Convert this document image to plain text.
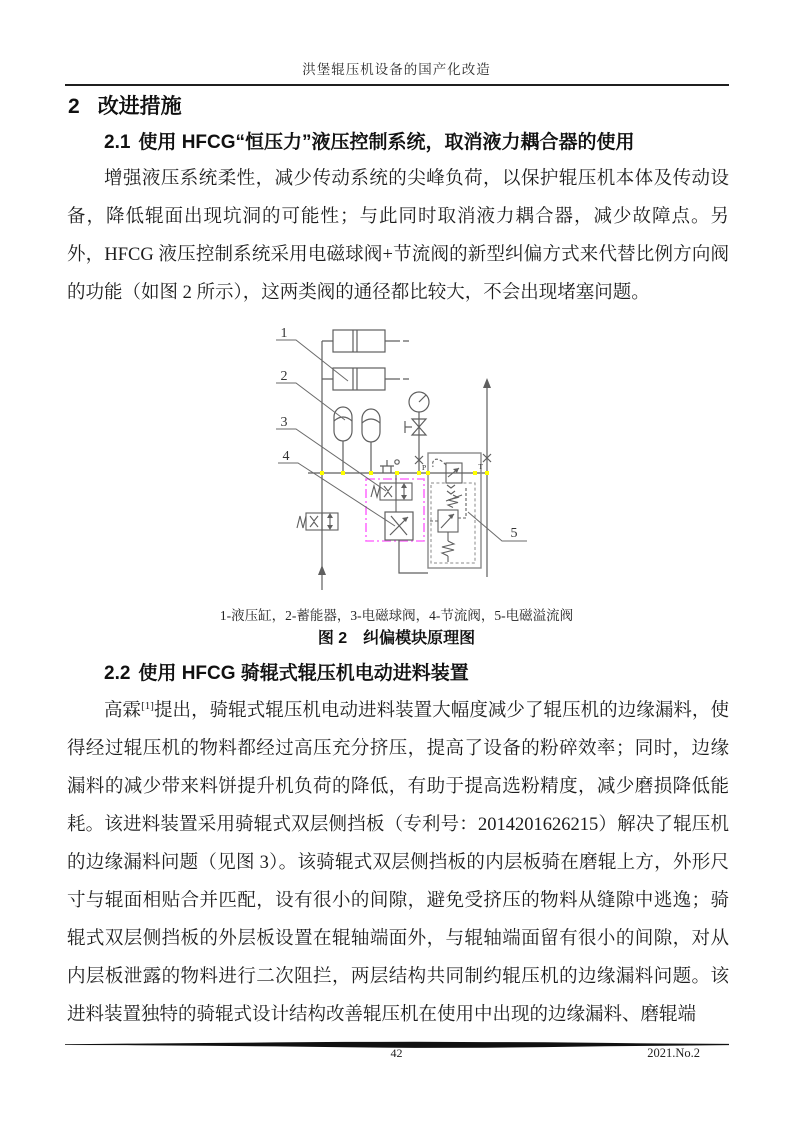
洪堡辊压机设备的国产化改造
2 改进措施
2.1 使用 HFCG“恒压力”液压控制系统，取消液力耦合器的使用
增强液压系统柔性，减少传动系统的尖峰负荷，以保护辊压机本体及传动设备，降低辊面出现坑洞的可能性；与此同时取消液力耦合器，减少故障点。另外，HFCG 液压控制系统采用电磁球阀+节流阀的新型纠偏方式来代替比例方向阀的功能（如图 2 所示），这两类阀的通径都比较大，不会出现堵塞问题。
1
2
3
4
5
P	T
1-液压缸，2-蓄能器，3-电磁球阀，4-节流阀，5-电磁溢流阀
图 2　纠偏模块原理图
2.2 使用 HFCG 骑辊式辊压机电动进料装置
高霖[1]提出，骑辊式辊压机电动进料装置大幅度减少了辊压机的边缘漏料，使得经过辊压机的物料都经过高压充分挤压，提高了设备的粉碎效率；同时，边缘漏料的减少带来料饼提升机负荷的降低，有助于提高选粉精度，减少磨损降低能耗。该进料装置采用骑辊式双层侧挡板（专利号：2014201626215）解决了辊压机的边缘漏料问题（见图 3）。该骑辊式双层侧挡板的内层板骑在磨辊上方，外形尺寸与辊面相贴合并匹配，设有很小的间隙，避免受挤压的物料从缝隙中逃逸；骑辊式双层侧挡板的外层板设置在辊轴端面外，与辊轴端面留有很小的间隙，对从内层板泄露的物料进行二次阻拦，两层结构共同制约辊压机的边缘漏料问题。该进料装置独特的骑辊式设计结构改善辊压机在使用中出现的边缘漏料、磨辊端
42	2021.No.2
